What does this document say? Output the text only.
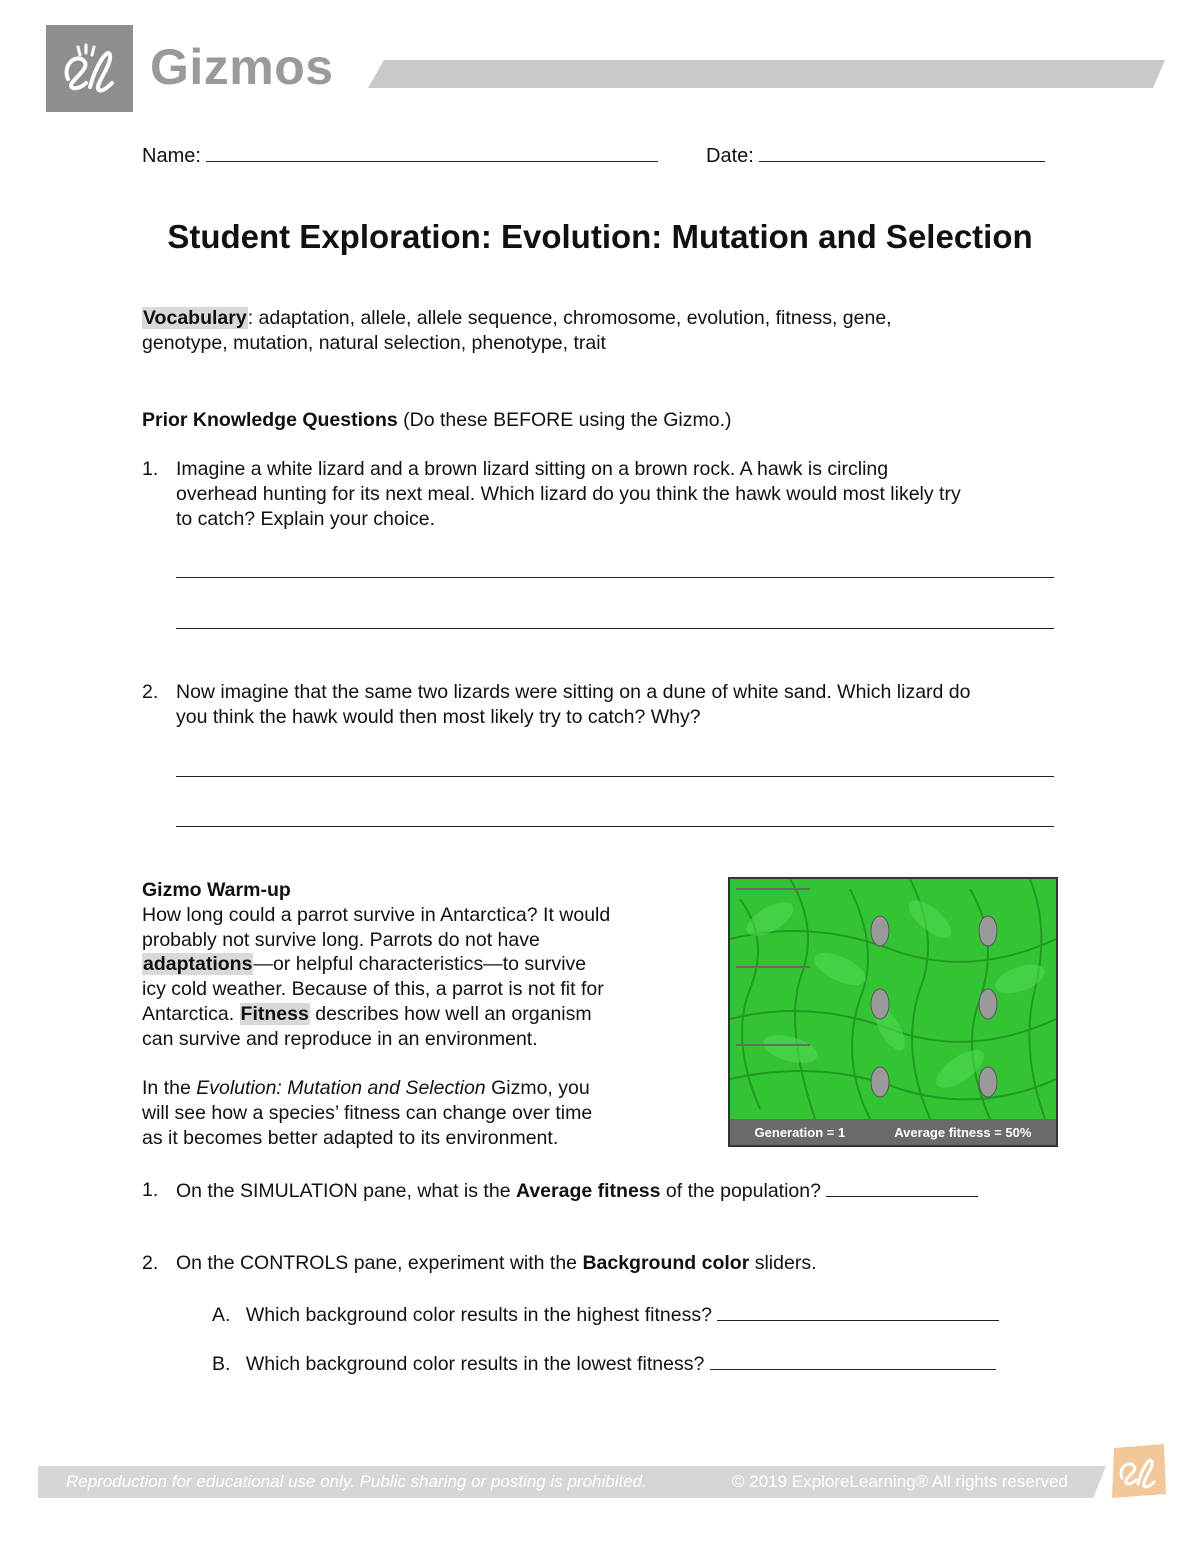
Gizmos
Name:	Date:
Student Exploration: Evolution: Mutation and Selection
Vocabulary: adaptation, allele, allele sequence, chromosome, evolution, fitness, gene,
genotype, mutation, natural selection, phenotype, trait
Prior Knowledge Questions (Do these BEFORE using the Gizmo.)
1. Imagine a white lizard and a brown lizard sitting on a brown rock. A hawk is circling
overhead hunting for its next meal. Which lizard do you think the hawk would most likely try
to catch? Explain your choice.
2. Now imagine that the same two lizards were sitting on a dune of white sand. Which lizard do
you think the hawk would then most likely try to catch? Why?
Gizmo Warm-up
How long could a parrot survive in Antarctica? It would
probably not survive long. Parrots do not have
adaptations—or helpful characteristics—to survive
icy cold weather. Because of this, a parrot is not fit for
Antarctica. Fitness describes how well an organism
can survive and reproduce in an environment.
In the Evolution: Mutation and Selection Gizmo, you
will see how a species’ fitness can change over time
as it becomes better adapted to its environment.	Generation = 1	Average fitness = 50%
1. On the SIMULATION pane, what is the Average fitness of the population?
2. On the CONTROLS pane, experiment with the Background color sliders.
A. Which background color results in the highest fitness?
B. Which background color results in the lowest fitness?
Reproduction for educational use only. Public sharing or posting is prohibited.	© 2019 ExploreLearning® All rights reserved
